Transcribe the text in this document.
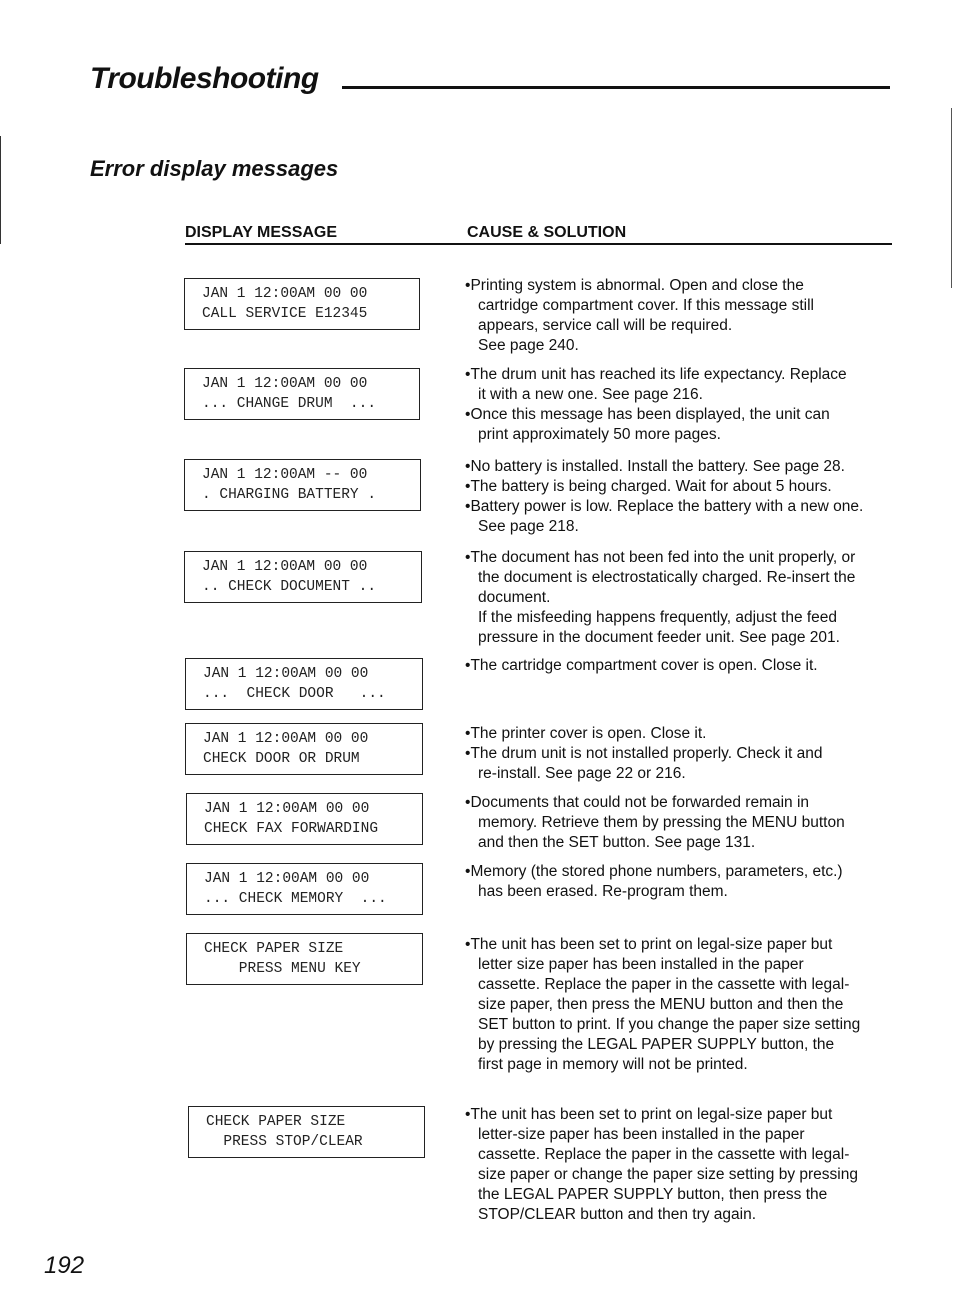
Troubleshooting
Error display messages
DISPLAY MESSAGE	CAUSE & SOLUTION
JAN 1 12:00AM 00 00
CALL SERVICE E12345

•Printing system is abnormal. Open and close the

cartridge compartment cover. If this message still

appears, service call will be required.

See page 240.

JAN 1 12:00AM 00 00
... CHANGE DRUM  ...

•The drum unit has reached its life expectancy. Replace

it with a new one. See page 216.

•Once this message has been displayed, the unit can

print approximately 50 more pages.

JAN 1 12:00AM -- 00
. CHARGING BATTERY .

•No battery is installed. Install the battery. See page 28.

•The battery is being charged. Wait for about 5 hours.

•Battery power is low. Replace the battery with a new one.

See page 218.

JAN 1 12:00AM 00 00
.. CHECK DOCUMENT ..

•The document has not been fed into the unit properly, or

the document is electrostatically charged. Re-insert the

document.

If the misfeeding happens frequently, adjust the feed

pressure in the document feeder unit. See page 201.

JAN 1 12:00AM 00 00
...  CHECK DOOR   ...

•The cartridge compartment cover is open. Close it.

JAN 1 12:00AM 00 00
CHECK DOOR OR DRUM

•The printer cover is open. Close it.

•The drum unit is not installed properly. Check it and

re-install. See page 22 or 216.

JAN 1 12:00AM 00 00
CHECK FAX FORWARDING

•Documents that could not be forwarded remain in

memory. Retrieve them by pressing the MENU button

and then the SET button. See page 131.

JAN 1 12:00AM 00 00
... CHECK MEMORY  ...

•Memory (the stored phone numbers, parameters, etc.)

has been erased. Re-program them.

CHECK PAPER SIZE
PRESS MENU KEY

•The unit has been set to print on legal-size paper but

letter size paper has been installed in the paper

cassette. Replace the paper in the cassette with legal-

size paper, then press the MENU button and then the

SET button to print. If you change the paper size setting

by pressing the LEGAL PAPER SUPPLY button, the

first page in memory will not be printed.

CHECK PAPER SIZE
PRESS STOP/CLEAR

•The unit has been set to print on legal-size paper but

letter-size paper has been installed in the paper

cassette. Replace the paper in the cassette with legal-

size paper or change the paper size setting by pressing

the LEGAL PAPER SUPPLY button, then press the

STOP/CLEAR button and then try again.

192
